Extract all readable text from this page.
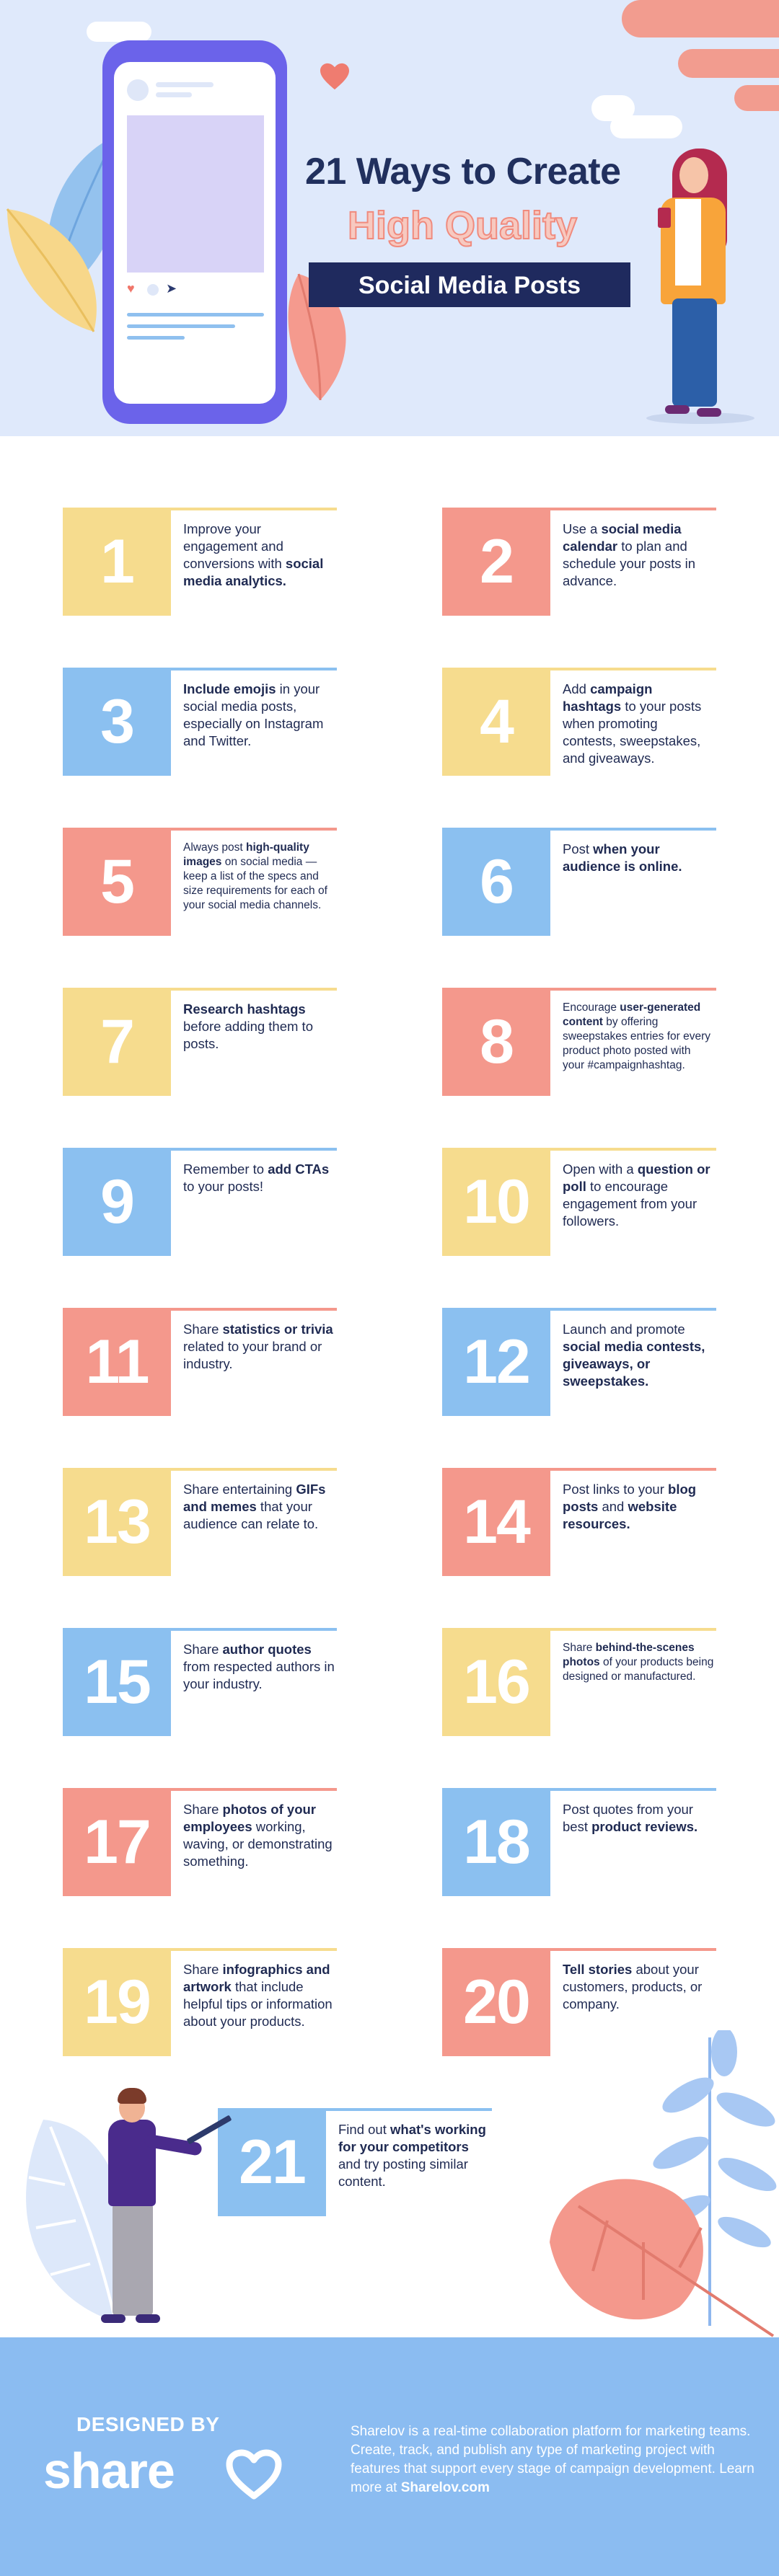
♥ ➤
21 Ways to Create
High Quality
Social Media Posts
1	Improve your engagement and conversions with social media analytics.	2	Use a social media calendar to plan and schedule your posts in advance.
3	Include emojis in your social media posts, especially on Instagram and Twitter.	4	Add campaign hashtags to your posts when promoting contests, sweepstakes, and giveaways.
5	Always post high-quality images on social media — keep a list of the specs and size requirements for each of your social media channels.	6	Post when your audience is online.
7	Research hashtags before adding them to posts.	8	Encourage user-generated content by offering sweepstakes entries for every product photo posted with your #campaignhashtag.
9	Remember to add CTAs to your posts!	10 Open with a question or poll to encourage engagement from your followers.
11	Share statistics or trivia related to your brand or industry.	12 Launch and promote social media contests, giveaways, or sweepstakes.
13 Share entertaining GIFs and memes that your audience can relate to. 14 Post links to your blog posts and website resources.
15 Share author quotes from respected authors in your industry.	16	Share behind-the-scenes photos of your products being designed or manufactured.
17 Share photos of your employees working, waving, or demonstrating something.	18 Post quotes from your best product reviews.
19 Share infographics and artwork that include helpful tips or information about your products.	20 Tell stories about your customers, products, or company.
21 Find out what's working for your competitors and try posting similar content.
DESIGNED BY
share
Sharelov is a real-time collaboration platform for marketing teams. Create, track, and publish any type of marketing project with features that support every stage of campaign development. Learn more at Sharelov.com
